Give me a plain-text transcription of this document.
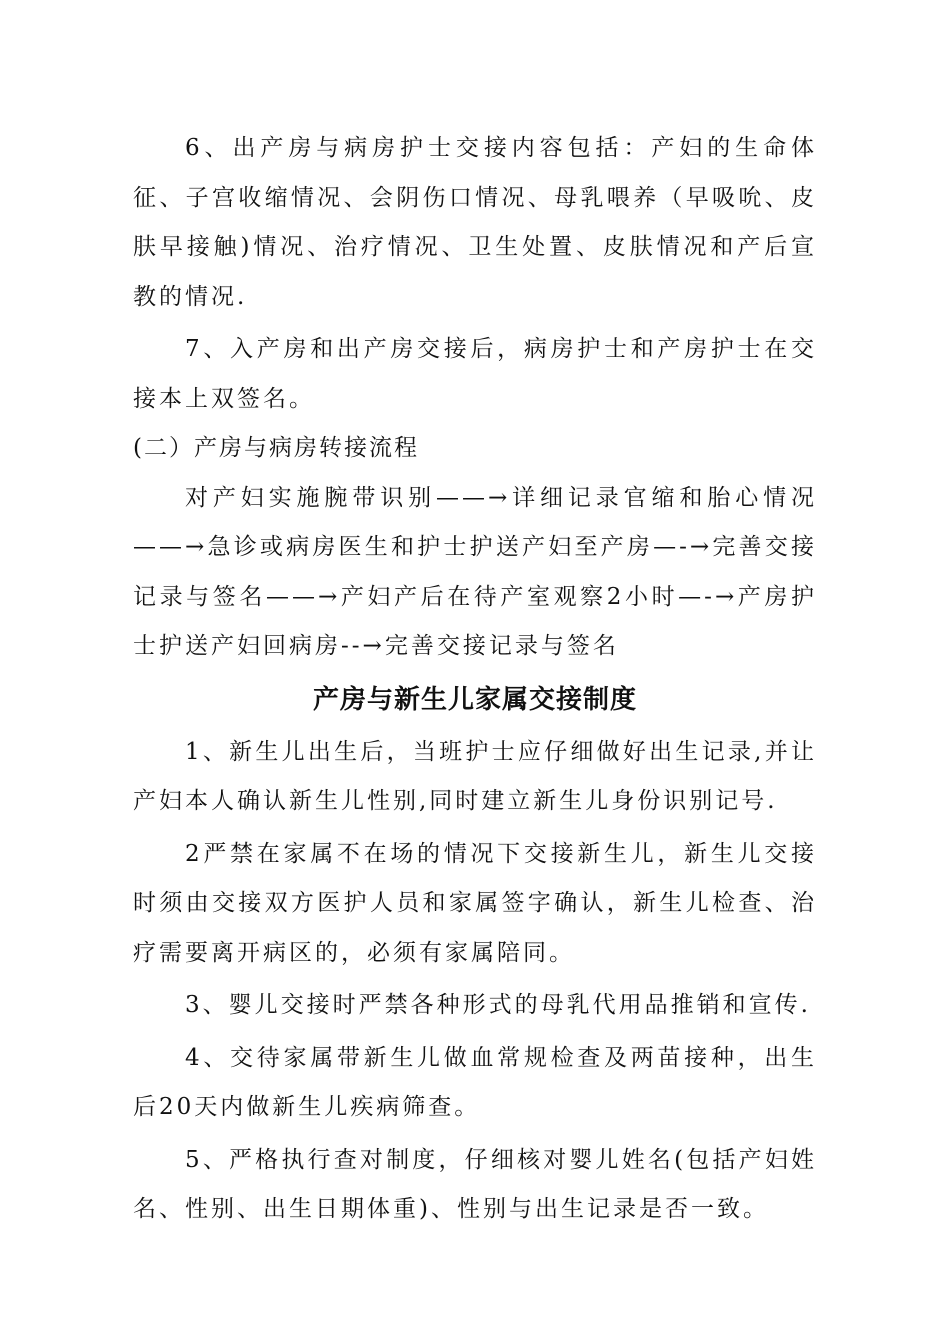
6、出产房与病房护士交接内容包括：产妇的生命体征、子宫收缩情况、会阴伤口情况、母乳喂养（早吸吮、皮肤早接触)情况、治疗情况、卫生处置、皮肤情况和产后宣教的情况.

7、入产房和出产房交接后，病房护士和产房护士在交接本上双签名。

(二）产房与病房转接流程

对产妇实施腕带识别——→详细记录官缩和胎心情况——→急诊或病房医生和护士护送产妇至产房—-→完善交接记录与签名——→产妇产后在待产室观察2小时—-→产房护士护送产妇回病房--→完善交接记录与签名

产房与新生儿家属交接制度

1、新生儿出生后，当班护士应仔细做好出生记录,并让产妇本人确认新生儿性别,同时建立新生儿身份识别记号.

2严禁在家属不在场的情况下交接新生儿，新生儿交接时须由交接双方医护人员和家属签字确认，新生儿检查、治疗需要离开病区的，必须有家属陪同。

3、婴儿交接时严禁各种形式的母乳代用品推销和宣传.

4、交待家属带新生儿做血常规检查及两苗接种，出生后20天内做新生儿疾病筛查。

5、严格执行查对制度，仔细核对婴儿姓名(包括产妇姓名、性别、出生日期体重)、性别与出生记录是否一致。
